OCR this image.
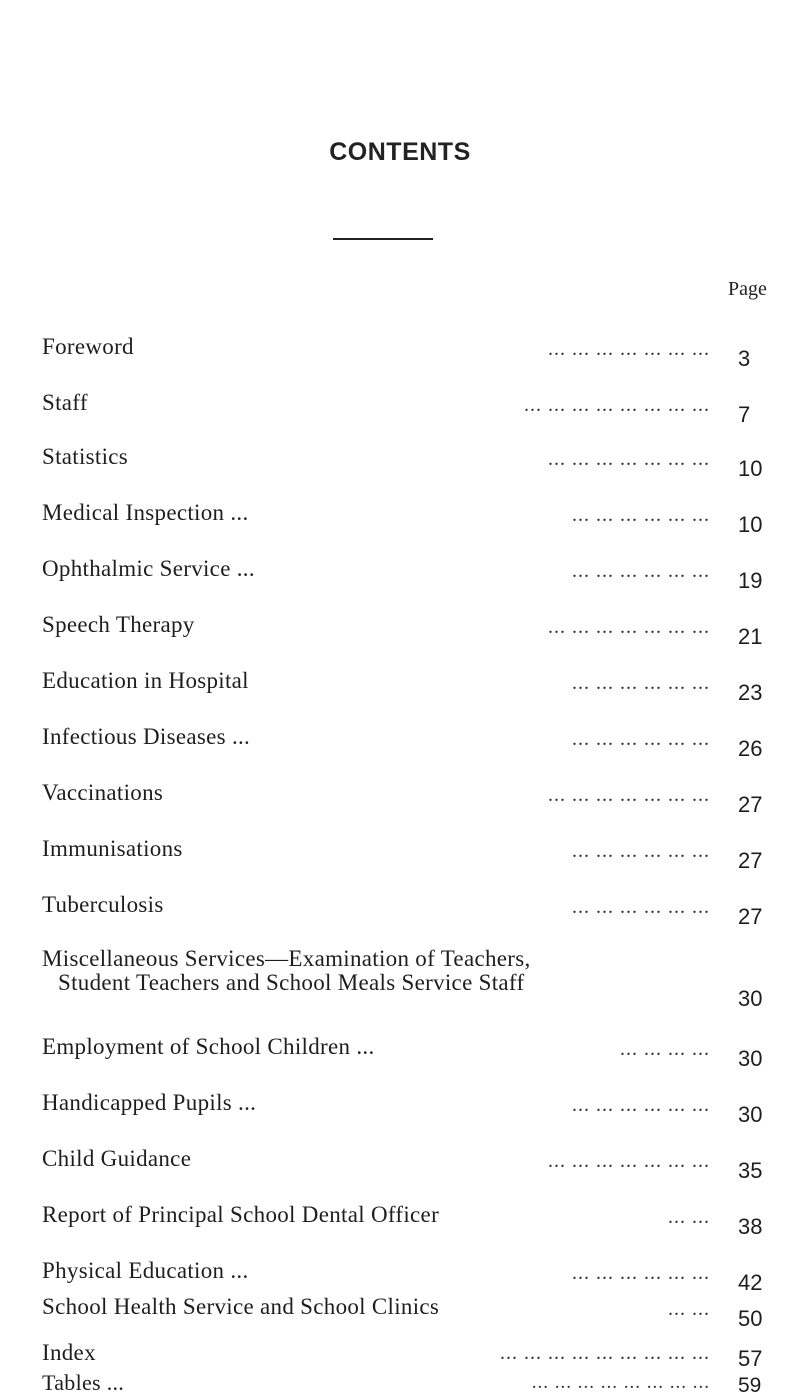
CONTENTS
Page
Foreword	... ... ... ... ... ... ... 3
Staff	... ... ... ... ... ... ... ... 7
Statistics	... ... ... ... ... ... ... 10
Medical Inspection ...	... ... ... ... ... ... 10
Ophthalmic Service ...	... ... ... ... ... ... 19
Speech Therapy	... ... ... ... ... ... ... 21
Education in Hospital	... ... ... ... ... ... 23
Infectious Diseases ...	... ... ... ... ... ... 26
Vaccinations	... ... ... ... ... ... ... 27
Immunisations	... ... ... ... ... ... 27
Tuberculosis	... ... ... ... ... ... 27
Miscellaneous Services—Examination of Teachers,
Student Teachers and School Meals Service Staff
30
Employment of School Children ...	... ... ... ... 30
Handicapped Pupils ...	... ... ... ... ... ... 30
Child Guidance	... ... ... ... ... ... ... 35
Report of Principal School Dental Officer	... ... 38
Physical Education ...	... ... ... ... ... ... 42
School Health Service and School Clinics	... ... 50
Index	... ... ... ... ... ... ... ... ... 57
Tables ...	... ... ... ... ... ... ... ... 59
